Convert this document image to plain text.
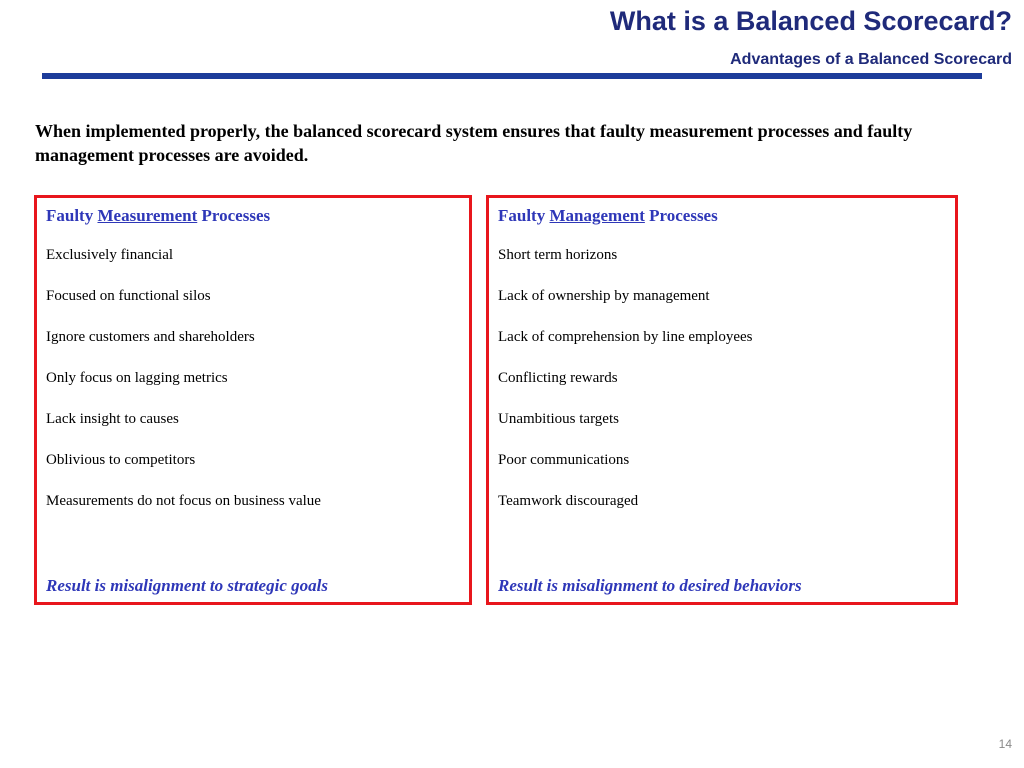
What is a Balanced Scorecard?
Advantages of a Balanced Scorecard
When implemented properly, the balanced scorecard system ensures that faulty measurement processes and faulty management processes are avoided.
Faulty Measurement Processes
Exclusively financial
Focused on functional silos
Ignore customers and shareholders
Only focus on lagging metrics
Lack insight to causes
Oblivious to competitors
Measurements do not focus on business value
Result is misalignment to strategic goals
Faulty Management Processes
Short term horizons
Lack of ownership by management
Lack of comprehension by line employees
Conflicting rewards
Unambitious targets
Poor communications
Teamwork discouraged
Result is misalignment to desired behaviors
14
